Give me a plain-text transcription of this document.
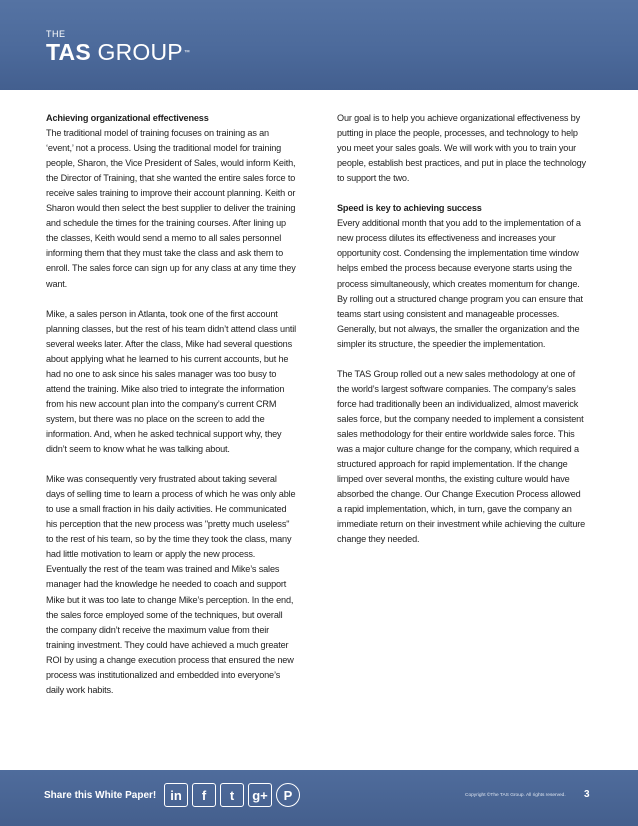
THE
TAS GROUP™
Achieving organizational effectiveness

The traditional model of training focuses on training as an ‘event,’ not a process. Using the traditional model for training people, Sharon, the Vice President of Sales, would inform Keith, the Director of Training, that she wanted the entire sales force to receive sales training to improve their account planning. Keith or Sharon would then select the best supplier to deliver the training and schedule the times for the training courses. After lining up the classes, Keith would send a memo to all sales personnel informing them that they must take the class and ask them to enroll. The sales force can sign up for any class at any time they want.

Mike, a sales person in Atlanta, took one of the first account planning classes, but the rest of his team didn’t attend class until several weeks later. After the class, Mike had several questions about applying what he learned to his current accounts, but he had no one to ask since his sales manager was too busy to attend the training. Mike also tried to integrate the information from his new account plan into the company’s current CRM system, but there was no place on the screen to add the information. And, when he asked technical support why, they didn’t seem to know what he was talking about.

Mike was consequently very frustrated about taking several days of selling time to learn a process of which he was only able to use a small fraction in his daily activities. He communicated his perception that the new process was "pretty much useless" to the rest of his team, so by the time they took the class, many had little motivation to learn or apply the new process. Eventually the rest of the team was trained and Mike’s sales manager had the knowledge he needed to coach and support Mike but it was too late to change Mike’s perception. In the end, the sales force employed some of the techniques, but overall the company didn’t receive the maximum value from their training investment. They could have achieved a much greater ROI by using a change execution process that ensured the new process was institutionalized and embedded into everyone’s daily work habits.

Our goal is to help you achieve organizational effectiveness by putting in place the people, processes, and technology to help you meet your sales goals. We will work with you to train your people, establish best practices, and put in place the technology to support the two.

Speed is key to achieving success

Every additional month that you add to the implementation of a new process dilutes its effectiveness and increases your opportunity cost. Condensing the implementation time window helps embed the process because everyone starts using the process simultaneously, which creates momentum for change. By rolling out a structured change program you can ensure that teams start using consistent and manageable processes. Generally, but not always, the smaller the organization and the simpler its structure, the speedier the implementation.

The TAS Group rolled out a new sales methodology at one of the world’s largest software companies. The company’s sales force had traditionally been an individualized, almost maverick sales force, but the company needed to implement a consistent sales methodology for their entire worldwide sales force. This was a major culture change for the company, which required a structured approach for rapid implementation. If the change limped over several months, the existing culture would have absorbed the change. Our Change Execution Process allowed a rapid implementation, which, in turn, gave the company an immediate return on their investment while achieving the culture change they needed.

Share this White Paper!	in	f	t	g+	P	Copyright ©The TAS Group. All rights reserved. 3
